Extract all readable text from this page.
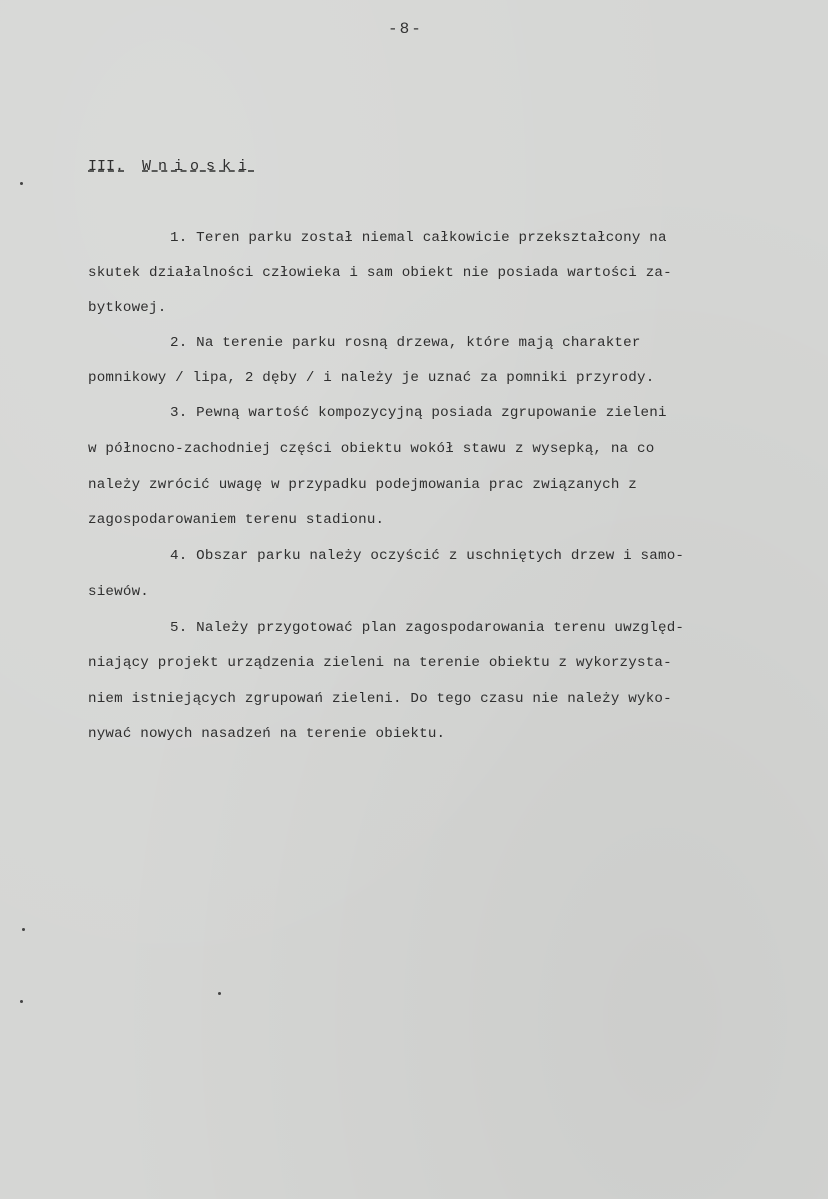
-8-
III. Wnioski
1. Teren parku został niemal całkowicie przekształcony na
skutek działalności człowieka i sam obiekt nie posiada wartości za-
bytkowej.
2. Na terenie parku rosną drzewa, które mają charakter
pomnikowy / lipa, 2 dęby / i należy je uznać za pomniki przyrody.
3. Pewną wartość kompozycyjną posiada zgrupowanie zieleni
w północno-zachodniej części obiektu wokół stawu z wysepką, na co
należy zwrócić uwagę w przypadku podejmowania prac związanych z
zagospodarowaniem terenu stadionu.
4. Obszar parku należy oczyścić z uschniętych drzew i samo-
siewów.
5. Należy przygotować plan zagospodarowania terenu uwzględ-
niający projekt urządzenia zieleni na terenie obiektu z wykorzysta-
niem istniejących zgrupowań zieleni. Do tego czasu nie należy wyko-
nywać nowych nasadzeń na terenie obiektu.
